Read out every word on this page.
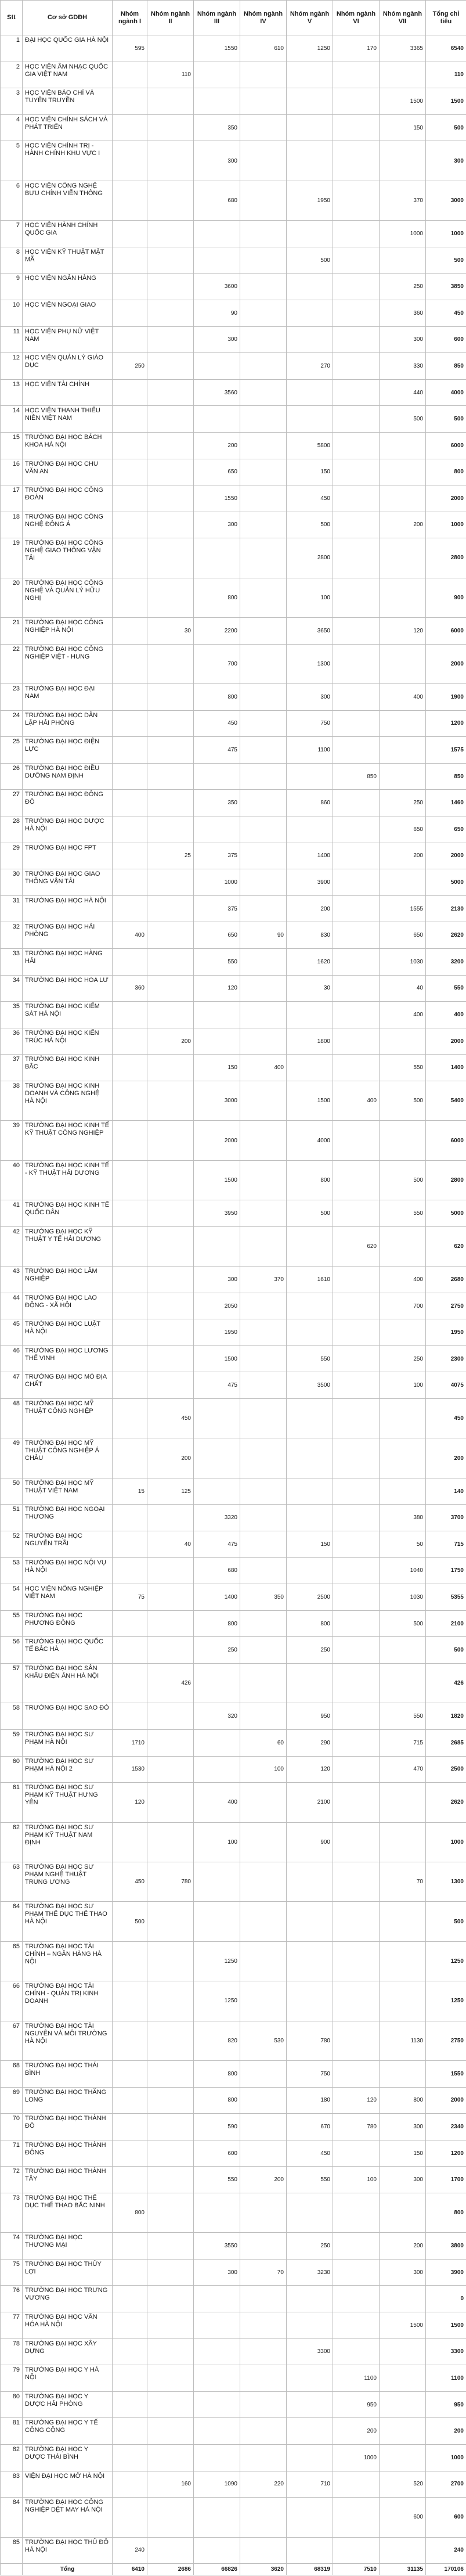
Stt	Cơ sở GDĐH	Nhóm ngành I	Nhóm ngành II	Nhóm ngành III	Nhóm ngành IV	Nhóm ngành V	Nhóm ngành VI	Nhóm ngành VII	Tổng chỉ tiêu
1	ĐẠI HỌC QUỐC GIA HÀ NỘI	595		1550	610	1250	170	3365	6540
2	HỌC VIỆN ÂM NHẠC QUỐC GIA VIỆT NAM		110						110
3	HỌC VIỆN BÁO CHÍ VÀ TUYÊN TRUYỀN							1500	1500
4	HỌC VIỆN CHÍNH SÁCH VÀ PHÁT TRIỂN			350				150	500
5	HỌC VIỆN CHÍNH TRỊ - HÀNH CHÍNH KHU VỰC I			300					300
6	HỌC VIỆN CÔNG NGHỆ BƯU CHÍNH VIỄN THÔNG			680		1950		370	3000
7	HỌC VIỆN HÀNH CHÍNH QUỐC GIA							1000	1000
8	HỌC VIỆN KỸ THUẬT MẬT MÃ					500			500
9	HỌC VIỆN NGÂN HÀNG			3600				250	3850
10	HỌC VIỆN NGOẠI GIAO			90				360	450
11	HỌC VIỆN PHỤ NỮ VIỆT NAM			300				300	600
12	HỌC VIỆN QUẢN LÝ GIÁO DỤC	250				270		330	850
13	HỌC VIỆN TÀI CHÍNH			3560				440	4000
14	HỌC VIỆN THANH THIẾU NIÊN VIỆT NAM							500	500
15	TRƯỜNG ĐẠI HỌC BÁCH KHOA HÀ NỘI			200		5800			6000
16	TRƯỜNG ĐẠI HỌC CHU VĂN AN			650		150			800
17	TRƯỜNG ĐẠI HỌC CÔNG ĐOÀN			1550		450			2000
18	TRƯỜNG ĐẠI HỌC CÔNG NGHỆ ĐÔNG Á			300		500		200	1000
19	TRƯỜNG ĐẠI HỌC CÔNG NGHỆ GIAO THÔNG VẬN TẢI					2800			2800
20	TRƯỜNG ĐẠI HỌC CÔNG NGHỆ VÀ QUẢN LÝ HỮU NGHỊ			800		100			900
21	TRƯỜNG ĐẠI HỌC CÔNG NGHIỆP HÀ NỘI		30	2200		3650		120	6000
22	TRƯỜNG ĐẠI HỌC CÔNG NGHIỆP VIỆT - HUNG			700		1300			2000
23	TRƯỜNG ĐẠI HỌC ĐẠI NAM			800		300		400	1900
24	TRƯỜNG ĐẠI HỌC DÂN LẬP HẢI PHÒNG			450		750			1200
25	TRƯỜNG ĐẠI HỌC ĐIỆN LỰC			475		1100			1575
26	TRƯỜNG ĐẠI HỌC ĐIỀU DƯỠNG NAM ĐỊNH						850		850
27	TRƯỜNG ĐẠI HỌC ĐÔNG ĐÔ			350		860		250	1460
28	TRƯỜNG ĐẠI HỌC DƯỢC HÀ NỘI							650	650
29	TRƯỜNG ĐẠI HỌC FPT		25	375		1400		200	2000
30	TRƯỜNG ĐẠI HỌC GIAO THÔNG VẬN TẢI			1000		3900			5000
31	TRƯỜNG ĐẠI HỌC HÀ NỘI			375		200		1555	2130
32	TRƯỜNG ĐẠI HỌC HẢI PHÒNG	400		650	90	830		650	2620
33	TRƯỜNG ĐẠI HỌC HÀNG HẢI			550		1620		1030	3200
34	TRƯỜNG ĐẠI HỌC HOA LƯ	360		120		30		40	550
35	TRƯỜNG ĐẠI HỌC KIỂM SÁT HÀ NỘI							400	400
36	TRƯỜNG ĐẠI HỌC KIẾN TRÚC HÀ NỘI		200			1800			2000
37	TRƯỜNG ĐẠI HỌC KINH BẮC			150	400			550	1400
38	TRƯỜNG ĐẠI HỌC KINH DOANH VÀ CÔNG NGHỆ HÀ NỘI			3000		1500	400	500	5400
39	TRƯỜNG ĐẠI HỌC KINH TẾ KỸ THUẬT CÔNG NGHIỆP			2000		4000			6000
40	TRƯỜNG ĐẠI HỌC KINH TẾ - KỸ THUẬT HẢI DƯƠNG			1500		800		500	2800
41	TRƯỜNG ĐẠI HỌC KINH TẾ QUỐC DÂN			3950		500		550	5000
42	TRƯỜNG ĐẠI HỌC KỸ THUẬT Y TẾ HẢI DƯƠNG						620		620
43	TRƯỜNG ĐẠI HỌC LÂM NGHIỆP			300	370	1610		400	2680
44	TRƯỜNG ĐẠI HỌC LAO ĐỘNG - XÃ HỘI			2050				700	2750
45	TRƯỜNG ĐẠI HỌC LUẬT HÀ NỘI			1950					1950
46	TRƯỜNG ĐẠI HỌC LƯƠNG THẾ VINH			1500		550		250	2300
47	TRƯỜNG ĐẠI HỌC MỎ ĐỊA CHẤT			475		3500		100	4075
48	TRƯỜNG ĐẠI HỌC MỸ THUẬT CÔNG NGHIỆP		450						450
49	TRƯỜNG ĐẠI HỌC MỸ THUẬT CÔNG NGHIỆP Á CHÂU		200						200
50	TRƯỜNG ĐẠI HỌC MỸ THUẬT VIỆT NAM	15	125						140
51	TRƯỜNG ĐẠI HỌC NGOẠI THƯƠNG			3320				380	3700
52	TRƯỜNG ĐẠI HỌC NGUYỄN TRÃI		40	475		150		50	715
53	TRƯỜNG ĐẠI HỌC NỘI VỤ HÀ NỘI			680				1040	1750
54	HỌC VIỆN NÔNG NGHIỆP VIỆT NAM	75		1400	350	2500		1030	5355
55	TRƯỜNG ĐẠI HỌC PHƯƠNG ĐÔNG			800		800		500	2100
56	TRƯỜNG ĐẠI HỌC QUỐC TẾ BẮC HÀ			250		250			500
57	TRƯỜNG ĐẠI HỌC SÂN KHẤU ĐIỆN ẢNH HÀ NỘI		426						426
58	TRƯỜNG ĐẠI HỌC SAO ĐỎ			320		950		550	1820
59	TRƯỜNG ĐẠI HỌC SƯ PHẠM HÀ NỘI	1710			60	290		715	2685
60	TRƯỜNG ĐẠI HỌC SƯ PHẠM HÀ NỘI 2	1530			100	120		470	2500
61	TRƯỜNG ĐẠI HỌC SƯ PHẠM KỸ THUẬT HƯNG YÊN	120		400		2100			2620
62	TRƯỜNG ĐẠI HỌC SƯ PHẠM KỸ THUẬT NAM ĐỊNH			100		900			1000
63	TRƯỜNG ĐẠI HỌC SƯ PHẠM NGHỆ THUẬT TRUNG ƯƠNG	450	780					70	1300
64	TRƯỜNG ĐẠI HỌC SƯ PHẠM THỂ DỤC THỂ THAO HÀ NỘI	500							500
65	TRƯỜNG ĐẠI HỌC TÀI CHÍNH – NGÂN HÀNG HÀ NỘI			1250					1250
66	TRƯỜNG ĐẠI HỌC TÀI CHÍNH - QUẢN TRỊ KINH DOANH			1250					1250
67	TRƯỜNG ĐẠI HỌC TÀI NGUYÊN VÀ MÔI TRƯỜNG HÀ NỘI			820	530	780		1130	2750
68	TRƯỜNG ĐẠI HỌC THÁI BÌNH			800		750			1550
69	TRƯỜNG ĐẠI HỌC THĂNG LONG			800		180	120	800	2000
70	TRƯỜNG ĐẠI HỌC THÀNH ĐÔ			590		670	780	300	2340
71	TRƯỜNG ĐẠI HỌC THÀNH ĐÔNG			600		450		150	1200
72	TRƯỜNG ĐẠI HỌC THÀNH TÂY			550	200	550	100	300	1700
73	TRƯỜNG ĐẠI HỌC THỂ DỤC THỂ THAO BẮC NINH	800							800
74	TRƯỜNG ĐẠI HỌC THƯƠNG MẠI			3550		250		200	3800
75	TRƯỜNG ĐẠI HỌC THỦY LỢI			300	70	3230		300	3900
76	TRƯỜNG ĐẠI HỌC TRƯNG VƯƠNG								0
77	TRƯỜNG ĐẠI HỌC VĂN HÓA HÀ NỘI							1500	1500
78	TRƯỜNG ĐẠI HỌC XÂY DỰNG					3300			3300
79	TRƯỜNG ĐẠI HỌC Y HÀ NỘI						1100		1100
80	TRƯỜNG ĐẠI HỌC Y DƯỢC HẢI PHÒNG						950		950
81	TRƯỜNG ĐẠI HỌC Y TẾ CÔNG CỘNG						200		200
82	TRƯỜNG ĐẠI HỌC Y DƯỢC THÁI BÌNH						1000		1000
83	VIỆN ĐẠI HỌC MỞ HÀ NỘI		160	1090	220	710		520	2700
84	TRƯỜNG ĐẠI HỌC CÔNG NGHIỆP DỆT MAY HÀ NỘI							600	600
85	TRƯỜNG ĐẠI HỌC THỦ ĐÔ HÀ NỘI	240							240
	Tổng	6410	2686	66826	3620	68319	7510	31135	170106
